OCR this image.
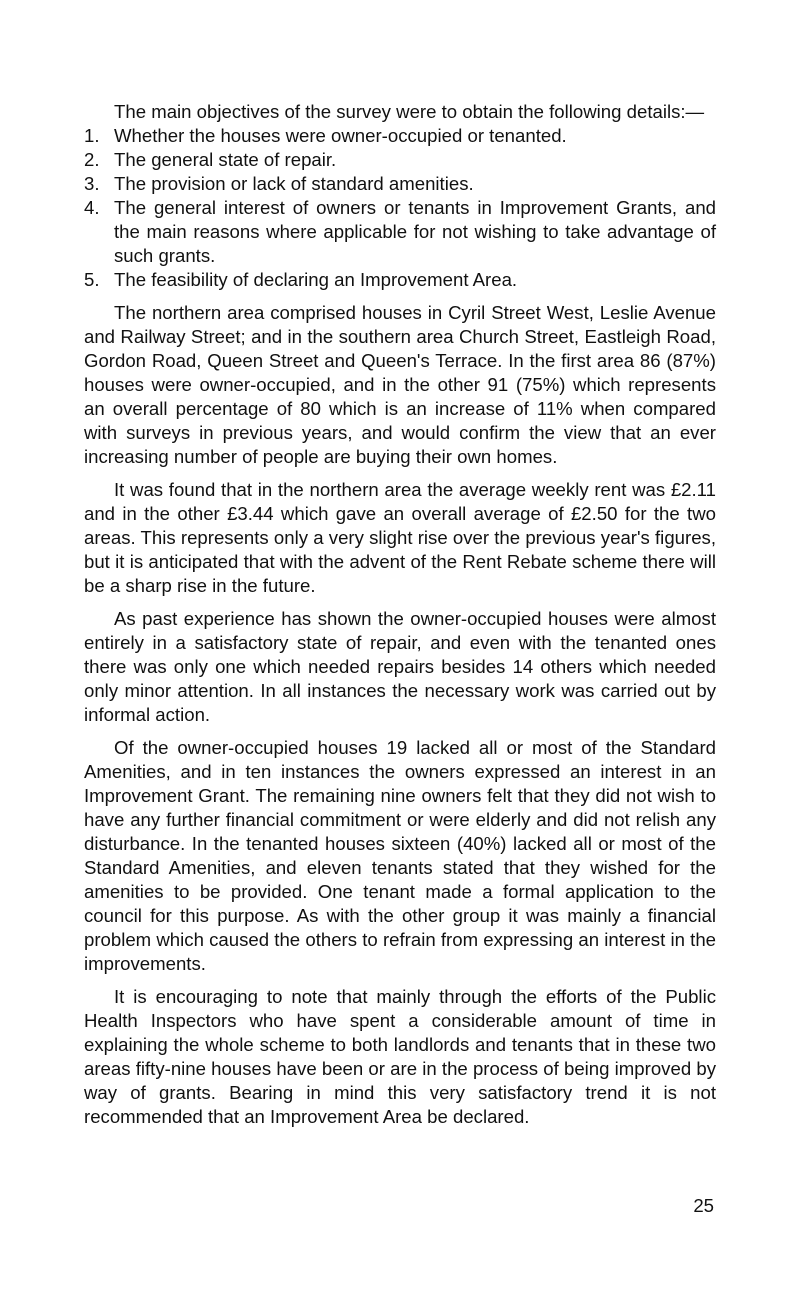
The main objectives of the survey were to obtain the following details:—

1. Whether the houses were owner-occupied or tenanted.
2. The general state of repair.
3. The provision or lack of standard amenities.
4. The general interest of owners or tenants in Improvement Grants, and the main reasons where applicable for not wishing to take advantage of such grants.
5. The feasibility of declaring an Improvement Area.

The northern area comprised houses in Cyril Street West, Leslie Avenue and Railway Street; and in the southern area Church Street, Eastleigh Road, Gordon Road, Queen Street and Queen's Terrace. In the first area 86 (87%) houses were owner-occupied, and in the other 91 (75%) which represents an overall percentage of 80 which is an increase of 11% when compared with surveys in previous years, and would confirm the view that an ever increasing number of people are buying their own homes.

It was found that in the northern area the average weekly rent was £2.11 and in the other £3.44 which gave an overall average of £2.50 for the two areas. This represents only a very slight rise over the previous year's figures, but it is anticipated that with the advent of the Rent Rebate scheme there will be a sharp rise in the future.

As past experience has shown the owner-occupied houses were almost entirely in a satisfactory state of repair, and even with the tenanted ones there was only one which needed repairs besides 14 others which needed only minor attention. In all instances the necessary work was carried out by informal action.

Of the owner-occupied houses 19 lacked all or most of the Standard Amenities, and in ten instances the owners expressed an interest in an Improvement Grant. The remaining nine owners felt that they did not wish to have any further financial commitment or were elderly and did not relish any disturbance. In the tenanted houses sixteen (40%) lacked all or most of the Standard Amenities, and eleven tenants stated that they wished for the amenities to be provided. One tenant made a formal application to the council for this purpose. As with the other group it was mainly a financial problem which caused the others to refrain from expressing an interest in the improvements.

It is encouraging to note that mainly through the efforts of the Public Health Inspectors who have spent a considerable amount of time in explaining the whole scheme to both landlords and tenants that in these two areas fifty-nine houses have been or are in the process of being improved by way of grants. Bearing in mind this very satisfactory trend it is not recommended that an Improvement Area be declared.

25
